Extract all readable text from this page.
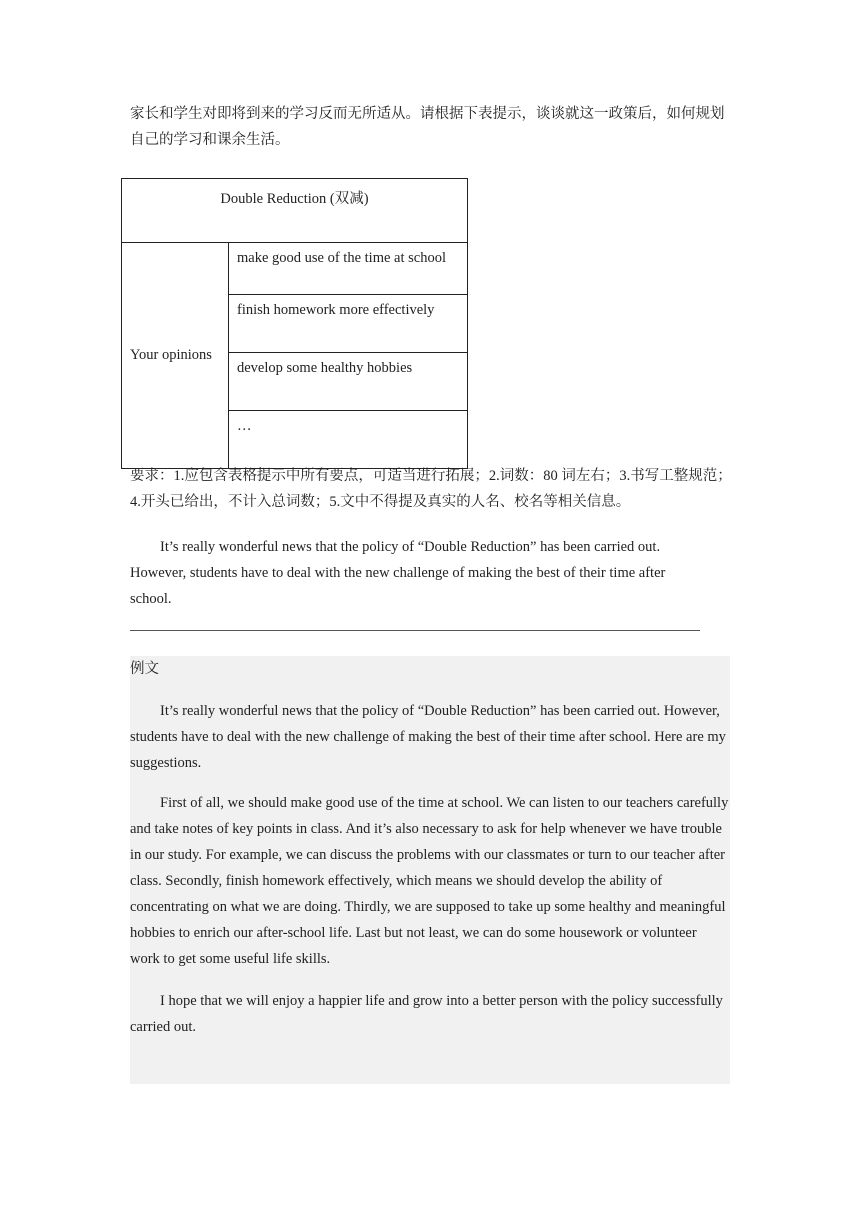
家长和学生对即将到来的学习反而无所适从。请根据下表提示，谈谈就这一政策后，如何规划自己的学习和课余生活。

Double Reduction (双减)
Your opinions	make good use of the time at school
finish homework more effectively
develop some healthy hobbies
…

要求：1.应包含表格提示中所有要点，可适当进行拓展；2.词数：80 词左右；3.书写工整规范；4.开头已给出，不计入总词数；5.文中不得提及真实的人名、校名等相关信息。

It’s really wonderful news that the policy of “Double Reduction” has been carried out. However, students have to deal with the new challenge of making the best of their time after school.

例文

It’s really wonderful news that the policy of “Double Reduction” has been carried out. However, students have to deal with the new challenge of making the best of their time after school. Here are my suggestions.

First of all, we should make good use of the time at school. We can listen to our teachers carefully and take notes of key points in class. And it’s also necessary to ask for help whenever we have trouble in our study. For example, we can discuss the problems with our classmates or turn to our teacher after class. Secondly, finish homework effectively, which means we should develop the ability of concentrating on what we are doing. Thirdly, we are supposed to take up some healthy and meaningful hobbies to enrich our after-school life. Last but not least, we can do some housework or volunteer work to get some useful life skills.

I hope that we will enjoy a happier life and grow into a better person with the policy successfully carried out.
